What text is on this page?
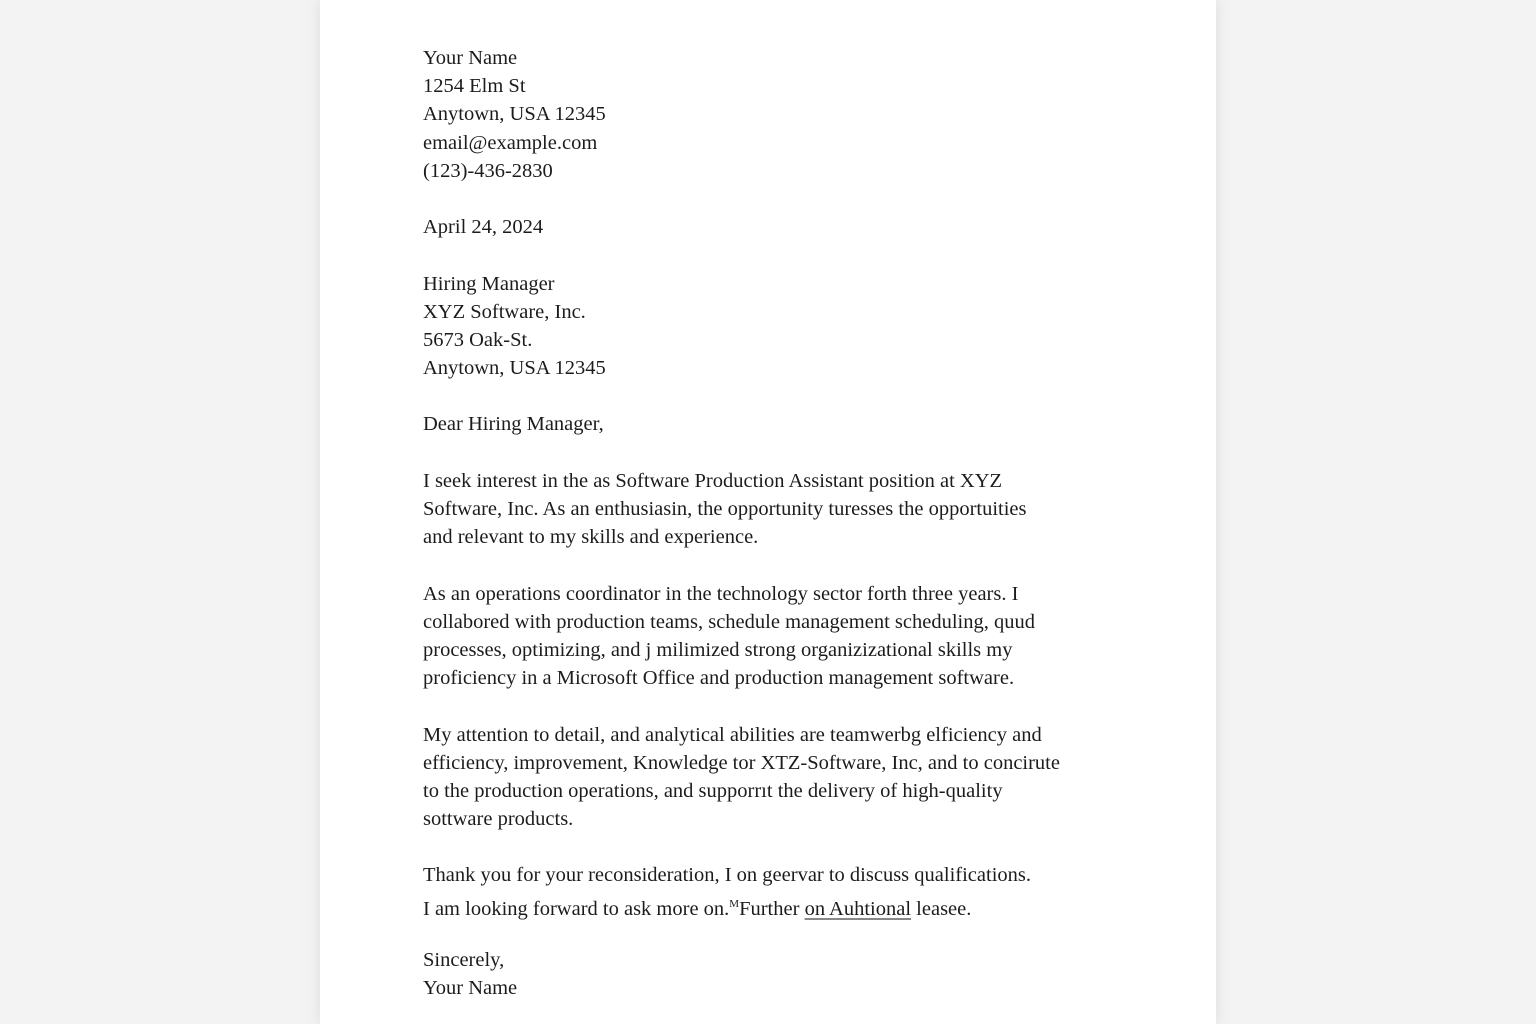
Your Name
1254 Elm St
Anytown, USA 12345
email@example.com
(123)-436-2830
April 24, 2024
Hiring Manager
XYZ Software, Inc.
5673 Oak-St.
Anytown, USA 12345
Dear Hiring Manager,
I seek interest in the as Software Production Assistant position at XYZ
Software, Inc. As an enthusiasin, the opportunity turesses the opportuities
and relevant to my skills and experience.
As an operations coordinator in the technology sector forth three years. I
collabored with production teams, schedule management scheduling, quud
processes, optimizing, and j milimized strong organizizational skills my
proficiency in a Microsoft Office and production management software.
My attention to detail, and analytical abilities are teamwerbg elficiency and
efficiency, improvement, Knowledge tor XTZ-Software, Inc, and to concirute
to the production operations, and supporrıt the delivery of high-quality
sottware products.
Thank you for your reconsideration, I on geervar to discuss qualifications.
I am looking forward to ask more on.$^M$Further on Auhtional leasee.
Sincerely,
Your Name
